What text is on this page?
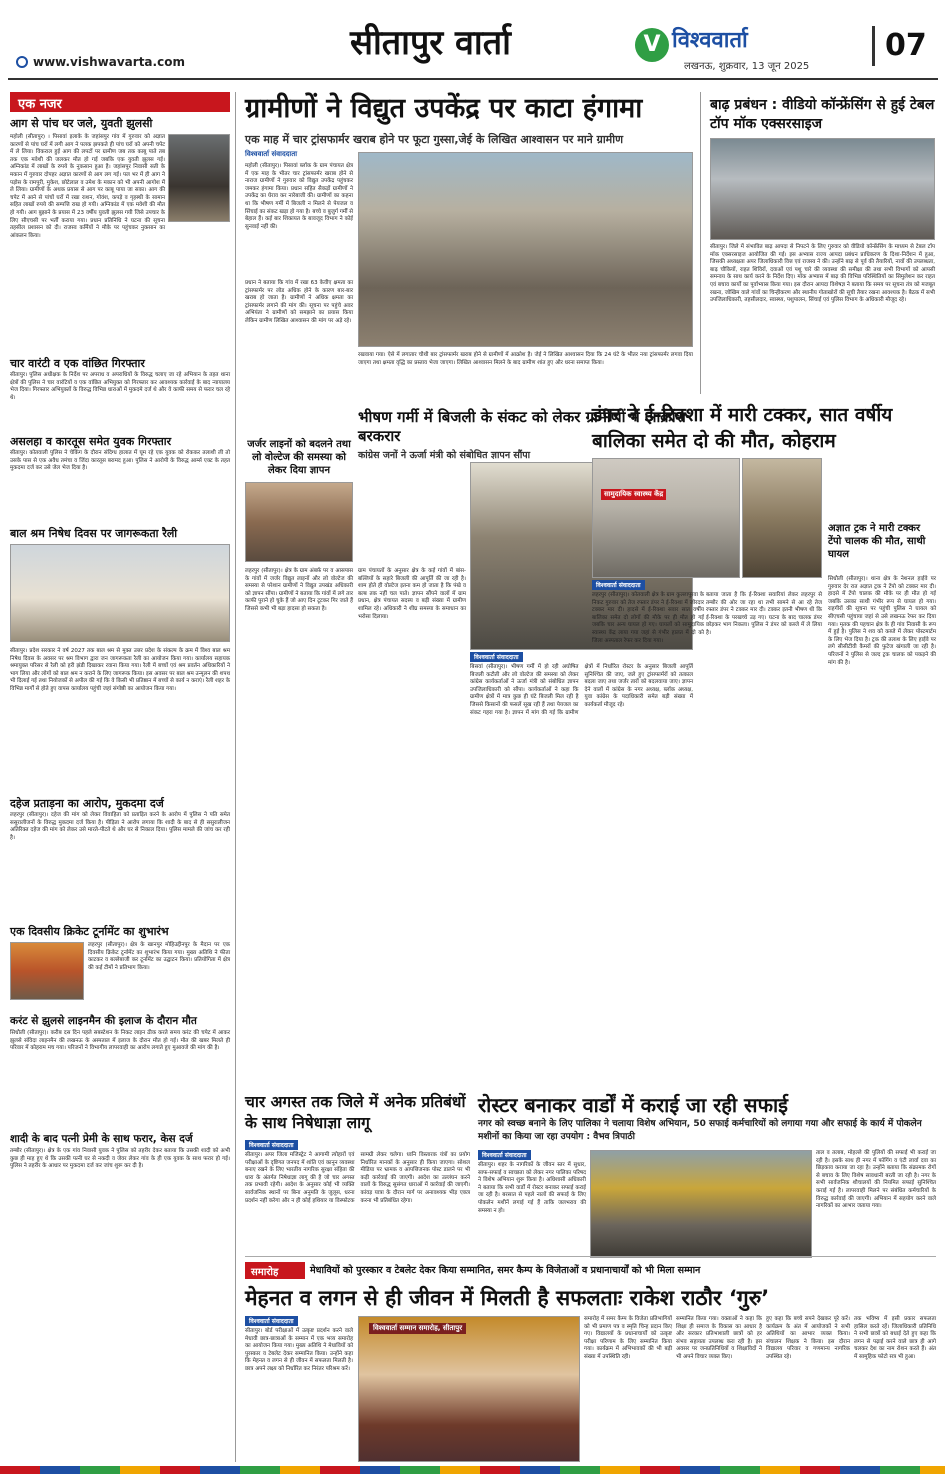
सीतापुर वार्ता
www.vishwavarta.com
V विश्ववार्ता
लखनऊ, शुक्रवार, 13 जून 2025
07
एक नजर
आग से पांच घर जले, युवती झुलसी
महोली (सीतापुर) । पिसावां इलाके के जहांसपुर गांव में गुरुवार को अज्ञात कारणों से पांच घरों में लगी आग ने पलक झपकते ही पांच घरों को अपनी चपेट में ले लिया। विकराल हुई आग की लपटों पर ग्रामीण जब तक काबू पाते तब तक एक मवेशी की जलकर मौत हो गई जबकि एक युवती झुलस गई। अग्निकांड में लाखों के रुपये के नुकसान हुआ है। जहांसपुर निवासी सती के मकान में गुरुवार दोपहर अज्ञात कारणों से आग लग गई। पल भर में ही आग ने पड़ोस के रामपुरी, मुकेश, छोटेलाल व उमेश के मकान को भी अपनी आगोश में ले लिया। ग्रामीणों के अथक प्रयास से आग पर काबू पाया जा सका। आग की चपेट में आने से पांचों घरों में रखा राशन, गोवंश, कपड़े व गृहस्थी के सामान सहित लाखों रुपये की सम्पत्ति राख हो गयी। अग्निकांड में एक मवेशी की मौत हो गयी। आग बुझाने के प्रयास में 23 वर्षीय युवती झुलस गयी जिसे उपचार के लिए सीएचसी पर भर्ती कराया गया। प्रधान प्रतिनिधि ने घटना की सूचना तहसील प्रशासन को दी। राजस्व कर्मियों ने मौके पर पहुंचकर नुकसान का आंकलन किया।
चार वारंटी व एक वांछित गिरफ्तार
सीतापुर। पुलिस अधीक्षक के निर्देश पर अपराध व अपराधियों के विरुद्ध चलाए जा रहे अभियान के तहत थाना क्षेत्रों की पुलिस ने चार वारंटियों व एक वांछित अभियुक्त को गिरफ्तार कर आवश्यक कार्रवाई के बाद न्यायालय भेज दिया। गिरफ्तार अभियुक्तों के विरुद्ध विभिन्न धाराओं में मुकदमे दर्ज थे और वे काफी समय से फरार चल रहे थे।
असलहा व कारतूस समेत युवक गिरफ्तार
सीतापुर। कोतवाली पुलिस ने चेकिंग के दौरान संदिग्ध हालात में घूम रहे एक युवक को रोककर तलाशी ली तो उसके पास से एक अवैध तमंचा व जिंदा कारतूस बरामद हुआ। पुलिस ने आरोपी के विरुद्ध आर्म्स एक्ट के तहत मुकदमा दर्ज कर उसे जेल भेज दिया है।
बाल श्रम निषेध दिवस पर जागरूकता रैली
सीतापुर। प्रदेश सरकार ने वर्ष 2027 तक बाल श्रम से मुक्त उत्तर प्रदेश के संकल्प के क्रम में विश्व बाल श्रम निषेध दिवस के अवसर पर श्रम विभाग द्वारा जन जागरूकता रैली का आयोजन किया गया। कार्यालय सहायक श्रमायुक्त परिसर से रैली को हरी झंडी दिखाकर रवाना किया गया। रैली में बच्चों एवं श्रम प्रवर्तन अधिकारियों ने भाग लिया और लोगों को बाल श्रम न कराने के लिए जागरूक किया। इस अवसर पर बाल श्रम उन्मूलन की शपथ भी दिलाई गई तथा नियोजकों से अपील की गई कि वे किसी भी प्रतिष्ठान में बच्चों से कार्य न कराएं। रैली शहर के विभिन्न मार्गों से होते हुए वापस कार्यालय पहुंची जहां संगोष्ठी का आयोजन किया गया।
दहेज प्रताड़ना का आरोप, मुकदमा दर्ज
लहरपुर (सीतापुर)। दहेज की मांग को लेकर विवाहिता को प्रताड़ित करने के आरोप में पुलिस ने पति समेत ससुरालीजनों के विरुद्ध मुकदमा दर्ज किया है। पीड़िता ने आरोप लगाया कि शादी के बाद से ही ससुरालीजन अतिरिक्त दहेज की मांग को लेकर उसे मारते-पीटते थे और घर से निकाल दिया। पुलिस मामले की जांच कर रही है।
एक दिवसीय क्रिकेट टूर्नामेंट का शुभारंभ
लहरपुर (सीतापुर)। क्षेत्र के खानपुर मोहिउद्दीनपुर के मैदान पर एक दिवसीय क्रिकेट टूर्नामेंट का शुभारंभ किया गया। मुख्य अतिथि ने फीता काटकर व बल्लेबाजी कर टूर्नामेंट का उद्घाटन किया। प्रतियोगिता में क्षेत्र की कई टीमों ने प्रतिभाग किया।
करंट से झुलसे लाइनमैन की इलाज के दौरान मौत
सिधौली (सीतापुर)। करीब दस दिन पहले सबस्टेशन के निकट लाइन ठीक करते समय करंट की चपेट में आकर झुलसे संविदा लाइनमैन की लखनऊ के अस्पताल में इलाज के दौरान मौत हो गई। मौत की खबर मिलते ही परिवार में कोहराम मच गया। परिजनों ने विभागीय लापरवाही का आरोप लगाते हुए मुआवजे की मांग की है।
शादी के बाद पत्नी प्रेमी के साथ फरार, केस दर्ज
तम्बौर (सीतापुर)। क्षेत्र के एक गांव निवासी युवक ने पुलिस को तहरीर देकर बताया कि उसकी शादी को अभी कुछ ही माह हुए थे कि उसकी पत्नी घर से नकदी व जेवर लेकर गांव के ही एक युवक के साथ फरार हो गई। पुलिस ने तहरीर के आधार पर मुकदमा दर्ज कर जांच शुरू कर दी है।
ग्रामीणों ने विद्युत उपकेंद्र पर काटा हंगामा
एक माह में चार ट्रांसफार्मर खराब होने पर फूटा गुस्सा,जेई के लिखित आश्वासन पर माने ग्रामीण
विश्ववार्ता संवाददाता
महोली (सीतापुर)। पिसावां ब्लॉक के ग्राम पंचायत क्षेत्र में एक माह के भीतर चार ट्रांसफार्मर खराब होने से नाराज ग्रामीणों ने गुरुवार को विद्युत उपकेंद्र पहुंचकर जमकर हंगामा किया। प्रधान सहित सैकड़ों ग्रामीणों ने उपकेंद्र का घेराव कर नारेबाजी की। ग्रामीणों का कहना था कि भीषण गर्मी में बिजली न मिलने से पेयजल व सिंचाई का संकट खड़ा हो गया है। बच्चे व बुजुर्ग गर्मी से बेहाल हैं। कई बार शिकायत के बावजूद विभाग ने कोई सुनवाई नहीं की।
प्रधान ने बताया कि गांव में रखा 63 केवीए क्षमता का ट्रांसफार्मर पर लोड अधिक होने के कारण बार-बार खराब हो जाता है। ग्रामीणों ने अधिक क्षमता का ट्रांसफार्मर लगाने की मांग की। सूचना पर पहुंचे अवर अभियंता ने ग्रामीणों को समझाने का प्रयास किया लेकिन ग्रामीण लिखित आश्वासन की मांग पर अड़े रहे।
रखवाया गया। ऐसे में लगातार चौथी बार ट्रांसफार्मर खराब होने से ग्रामीणों में आक्रोश है। जेई ने लिखित आश्वासन दिया कि 24 घंटे के भीतर नया ट्रांसफार्मर लगवा दिया जाएगा तथा क्षमता वृद्धि का प्रस्ताव भेजा जाएगा। लिखित आश्वासन मिलने के बाद ग्रामीण शांत हुए और धरना समाप्त किया।
जर्जर लाइनों को बदलने तथा लो वोल्टेज की समस्या को लेकर दिया ज्ञापन
लहरपुर (सीतापुर)। क्षेत्र के ग्राम अंबर्फ़ पर व आसपास के गांवों में जर्जर विद्युत लाइनों और लो वोल्टेज की समस्या से परेशान ग्रामीणों ने विद्युत उपखंड अधिकारी को ज्ञापन सौंपा। ग्रामीणों ने बताया कि गांवों में लगे तार काफी पुराने हो चुके हैं जो आए दिन टूटकर गिर जाते हैं जिससे कभी भी बड़ा हादसा हो सकता है।
ग्राम पंचायतों के अनुसार क्षेत्र के कई गांवों में बांस-बल्लियों के सहारे बिजली की आपूर्ति की जा रही है। शाम होते ही वोल्टेज इतना कम हो जाता है कि पंखे व बल्ब तक नहीं चल पाते। ज्ञापन सौंपने वालों में ग्राम प्रधान, क्षेत्र पंचायत सदस्य व बड़ी संख्या में ग्रामीण शामिल रहे। अधिकारी ने शीघ्र समस्या के समाधान का भरोसा दिलाया।
भीषण गर्मी में बिजली के संकट को लेकर ग्रामीणों में आक्रोश बरकरार
कांग्रेस जनों ने ऊर्जा मंत्री को संबोधित ज्ञापन सौंपा
विश्ववार्ता संवाददाता
बिसवां (सीतापुर)। भीषण गर्मी में हो रही अघोषित बिजली कटौती और लो वोल्टेज की समस्या को लेकर कांग्रेस कार्यकर्ताओं ने ऊर्जा मंत्री को संबोधित ज्ञापन उपजिलाधिकारी को सौंपा। कार्यकर्ताओं ने कहा कि ग्रामीण क्षेत्रों में मात्र कुछ ही घंटे बिजली मिल रही है जिससे किसानों की फसलें सूख रही हैं तथा पेयजल का संकट गहरा गया है। ज्ञापन में मांग की गई कि ग्रामीण क्षेत्रों में निर्धारित रोस्टर के अनुसार बिजली आपूर्ति सुनिश्चित की जाए, जले हुए ट्रांसफार्मरों को तत्काल बदला जाए तथा जर्जर तारों को बदलवाया जाए। ज्ञापन देने वालों में कांग्रेस के नगर अध्यक्ष, ब्लॉक अध्यक्ष, युवा कांग्रेस के पदाधिकारी समेत बड़ी संख्या में कार्यकर्ता मौजूद रहे।
बाढ़ प्रबंधन : वीडियो कॉन्फ्रेंसिंग से हुई टेबल टॉप मॉक एक्सरसाइज
सीतापुर। जिले में संभावित बाढ़ आपदा से निपटने के लिए गुरुवार को वीडियो कॉन्फ्रेंसिंग के माध्यम से टेबल टॉप मॉक एक्सरसाइज आयोजित की गई। इस अभ्यास राज्य आपदा प्रबंधन प्राधिकरण के दिशा-निर्देशन में हुआ, जिसकी अध्यक्षता अपर जिलाधिकारी वित्त एवं राजस्व ने की। उन्होंने बाढ़ से पूर्व की तैयारियों, नावों की उपलब्धता, बाढ़ चौकियों, राहत शिविरों, दवाओं एवं पशु चारे की व्यवस्था की समीक्षा की तथा सभी विभागों को आपसी समन्वय के साथ कार्य करने के निर्देश दिए। मॉक अभ्यास में बाढ़ की विभिन्न परिस्थितियों का सिमुलेशन कर राहत एवं बचाव कार्यों का पूर्वाभ्यास किया गया। इस दौरान आपदा विशेषज्ञ ने बताया कि समय पर सूचना तंत्र को मजबूत रखना, जोखिम वाले गांवों का चिन्हीकरण और स्थानीय गोताखोरों की सूची तैयार रखना आवश्यक है। बैठक में सभी उपजिलाधिकारी, तहसीलदार, स्वास्थ्य, पशुपालन, सिंचाई एवं पुलिस विभाग के अधिकारी मौजूद रहे।
डंपर ने ई-रिक्शा में मारी टक्कर, सात वर्षीय बालिका समेत दो की मौत, कोहराम
सामुदायिक स्वास्थ्य केंद्र
विश्ववार्ता संवाददाता
लहरपुर (सीतापुर)। कोतवाली क्षेत्र के ग्राम कुल्लापुरवा के निकट गुरुवार को तेज रफ्तार डंपर ने ई-रिक्शा में जोरदार टक्कर मार दी। हादसे में ई-रिक्शा सवार सात वर्षीय बालिका समेत दो लोगों की मौके पर ही मौत हो गई जबकि चार अन्य घायल हो गए। घायलों को सामुदायिक स्वास्थ्य केंद्र लाया गया जहां से गंभीर हालत में दो को जिला अस्पताल रेफर कर दिया गया।
बताया जाता है कि ई-रिक्शा सवारियां लेकर लहरपुर से तम्बौर की ओर जा रहा था तभी सामने से आ रहे तेज रफ्तार डंपर ने टक्कर मार दी। टक्कर इतनी भीषण थी कि ई-रिक्शा के परखच्चे उड़ गए। घटना के बाद चालक डंपर छोड़कर भाग निकला। पुलिस ने डंपर को कब्जे में ले लिया है।
अज्ञात ट्रक ने मारी टक्कर टेंपो चालक की मौत, साथी घायल
सिधौली (सीतापुर)। थाना क्षेत्र के नेशनल हाईवे पर गुरुवार देर रात अज्ञात ट्रक ने टेंपो को टक्कर मार दी। हादसे में टेंपो चालक की मौके पर ही मौत हो गई जबकि उसका साथी गंभीर रूप से घायल हो गया। राहगीरों की सूचना पर पहुंची पुलिस ने घायल को सीएचसी पहुंचाया जहां से उसे लखनऊ रेफर कर दिया गया। मृतक की पहचान क्षेत्र के ही गांव निवासी के रूप में हुई है। पुलिस ने शव को कब्जे में लेकर पोस्टमार्टम के लिए भेज दिया है। ट्रक की तलाश के लिए हाईवे पर लगे सीसीटीवी कैमरों की फुटेज खंगाली जा रही है। परिजनों ने पुलिस से जल्द ट्रक चालक को पकड़ने की मांग की है।
चार अगस्त तक जिले में अनेक प्रतिबंधों के साथ निषेधाज्ञा लागू
विश्ववार्ता संवाददाता
सीतापुर। अपर जिला मजिस्ट्रेट ने आगामी त्योहारों एवं परीक्षाओं के दृष्टिगत जनपद में शांति एवं कानून व्यवस्था बनाए रखने के लिए भारतीय नागरिक सुरक्षा संहिता की धारा के अंतर्गत निषेधाज्ञा लागू की है जो चार अगस्त तक प्रभावी रहेगी। आदेश के अनुसार कोई भी व्यक्ति सार्वजनिक स्थानों पर बिना अनुमति के जुलूस, धरना प्रदर्शन नहीं करेगा और न ही कोई हथियार या विस्फोटक सामग्री लेकर चलेगा। ध्वनि विस्तारक यंत्रों का प्रयोग निर्धारित मानकों के अनुसार ही किया जाएगा। सोशल मीडिया पर भ्रामक व आपत्तिजनक पोस्ट डालने पर भी कड़ी कार्रवाई की जाएगी। आदेश का उल्लंघन करने वालों के विरुद्ध सुसंगत धाराओं में कार्रवाई की जाएगी। कांवड़ यात्रा के दौरान मार्ग पर अनावश्यक भीड़ एकत्र करना भी प्रतिबंधित रहेगा।
रोस्टर बनाकर वार्डों में कराई जा रही सफाई
नगर को स्वच्छ बनाने के लिए पालिका ने चलाया विशेष अभियान, 50 सफाई कर्मचारियों को लगाया गया और सफाई के कार्य में पोकलेन मशीनों का किया जा रहा उपयोग : वैभव त्रिपाठी
विश्ववार्ता संवाददाता
सीतापुर। शहर के नागरिकों के जीवन स्तर में सुधार, साफ-सफाई व स्वच्छता को लेकर नगर पालिका परिषद ने विशेष अभियान शुरू किया है। अधिशासी अधिकारी ने बताया कि सभी वार्डों में रोस्टर बनाकर सफाई कराई जा रही है। बरसात से पहले नालों की सफाई के लिए पोकलेन मशीनें लगाई गई हैं ताकि जलभराव की समस्या न हो।
ताल व तलाब, मोहल्ले की पुलियों की सफाई भी कराई जा रही है। इसके साथ ही नगर में फॉगिंग व एंटी लार्वा दवा का छिड़काव कराया जा रहा है। उन्होंने बताया कि संक्रामक रोगों से बचाव के लिए विशेष सावधानी बरती जा रही है। नगर के सभी सार्वजनिक शौचालयों की नियमित सफाई सुनिश्चित कराई गई है। लापरवाही मिलने पर संबंधित कर्मचारियों के विरुद्ध कार्रवाई की जाएगी। अभियान में सहयोग करने वाले नागरिकों का आभार जताया गया।
समारोह	मेधावियों को पुरस्कार व टेबलेट देकर किया सम्मानित, समर कैम्प के विजेताओं व प्रधानाचार्यों को भी मिला सम्मान
मेहनत व लगन से ही जीवन में मिलती है सफलताः राकेश राठौर ‘गुरु’
विश्ववार्ता संवाददाता
सीतापुर। बोर्ड परीक्षाओं में उत्कृष्ट प्रदर्शन करने वाले मेधावी छात्र-छात्राओं के सम्मान में एक भव्य समारोह का आयोजन किया गया। मुख्य अतिथि ने मेधावियों को पुरस्कार व टेबलेट देकर सम्मानित किया। उन्होंने कहा कि मेहनत व लगन से ही जीवन में सफलता मिलती है। छात्र अपने लक्ष्य को निर्धारित कर निरंतर परिश्रम करें।
विश्ववार्ता सम्मान समारोह, सीतापुर
समारोह में समर कैम्प के विजेता प्रतिभागियों को भी प्रमाण पत्र व स्मृति चिन्ह प्रदान किए गए। विद्यालयों के प्रधानाचार्यों को उत्कृष्ट परीक्षा परिणाम के लिए सम्मानित किया गया। कार्यक्रम में अभिभावकों की भी बड़ी संख्या में उपस्थिति रही।
सम्मानित किया गया। वक्ताओं ने कहा कि शिक्षा ही समाज के विकास का आधार है और सरकार प्रतिभाशाली छात्रों को हर संभव सहायता उपलब्ध करा रही है। इस अवसर पर जनप्रतिनिधियों व शिक्षाविदों ने भी अपने विचार व्यक्त किए।
हुए कहा कि बच्चे सपने देखकर पूरे करें। कार्यक्रम के अंत में आयोजकों ने सभी अतिथियों का आभार व्यक्त किया। संचालन शिक्षक ने किया। इस दौरान विद्यालय परिवार व गणमान्य नागरिक उपस्थित रहे।
तक भविष्य में इसी प्रकार सफलता हासिल करते रहें। जिलाधिकारी प्रतिनिधि ने सभी छात्रों को बधाई देते हुए कहा कि लगन से पढ़ाई करने वाले छात्र ही आगे चलकर देश का नाम रोशन करते हैं। अंत में सामूहिक फोटो सत्र भी हुआ।
